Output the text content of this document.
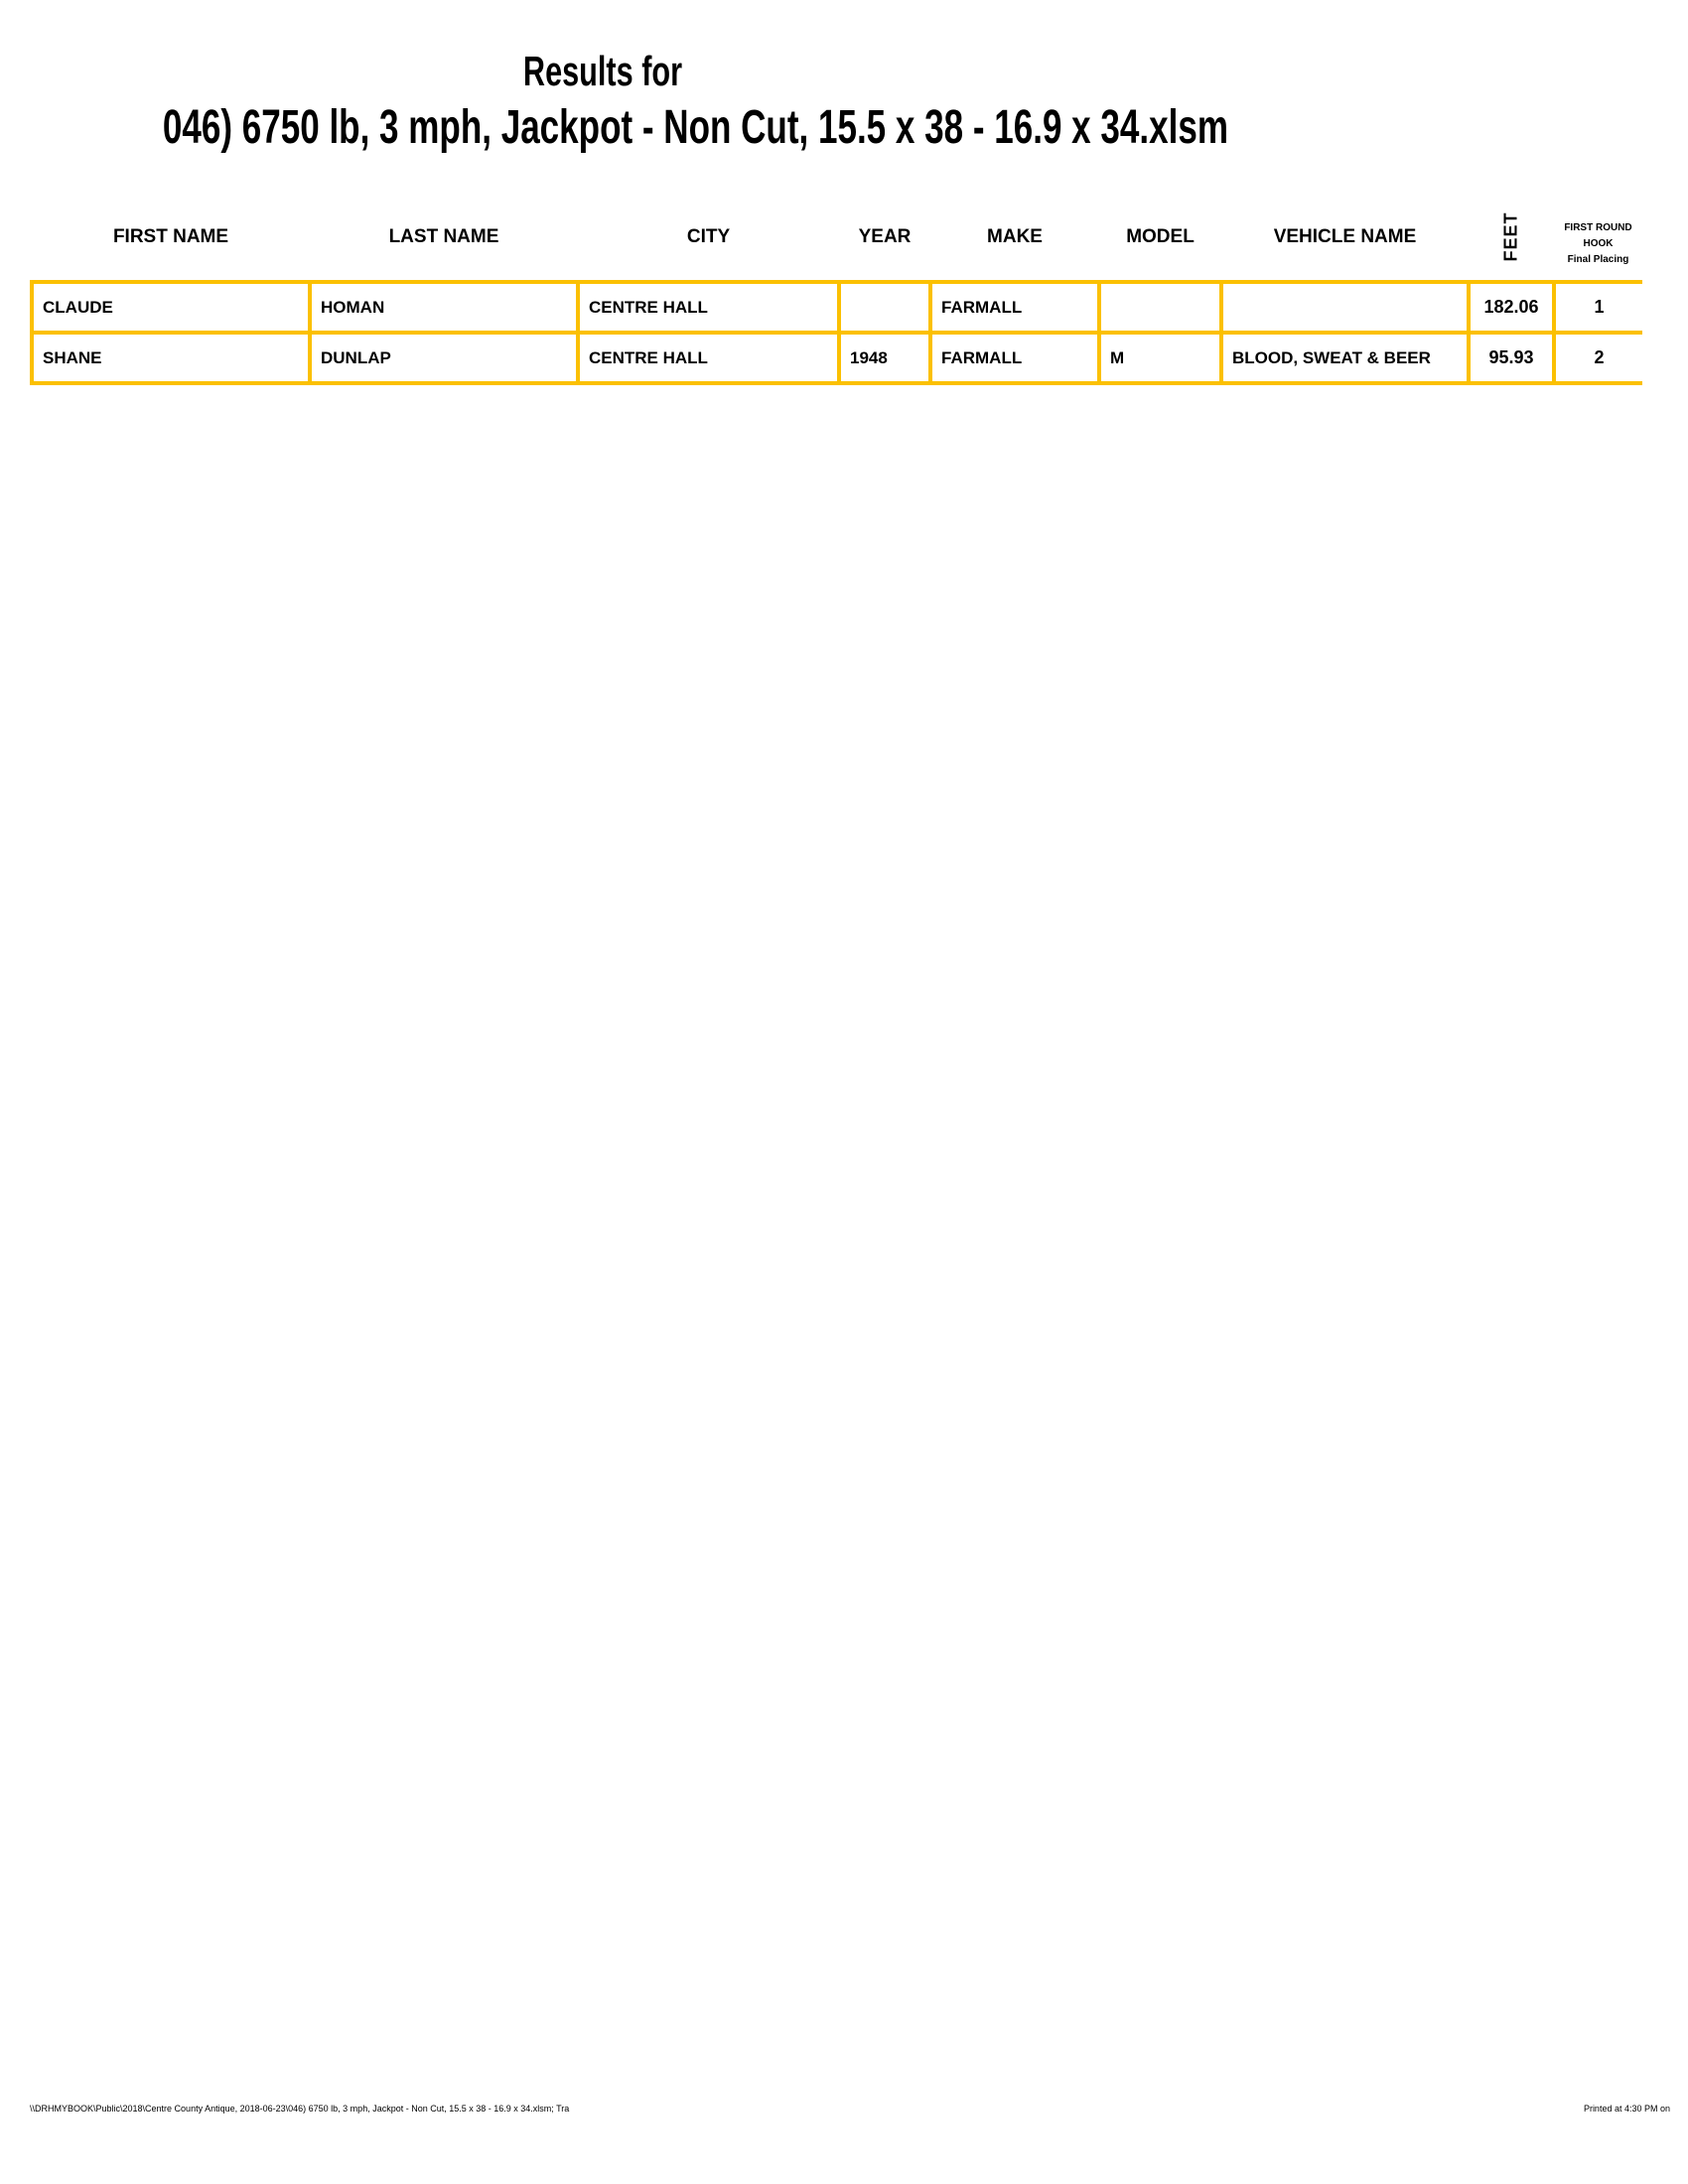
Results for
046) 6750 lb, 3 mph, Jackpot - Non Cut, 15.5 x 38 - 16.9 x 34.xlsm
FIRST NAME	LAST NAME	CITY	YEAR	MAKE	MODEL	VEHICLE NAME	FEET	FIRST ROUND
HOOK
Final Placing

CLAUDE	HOMAN	CENTRE HALL		FARMALL			182.06	1
SHANE	DUNLAP	CENTRE HALL	1948	FARMALL	M	BLOOD, SWEAT & BEER	95.93	2
\\DRHMYBOOK\Public\2018\Centre County Antique, 2018-06-23\046) 6750 lb, 3 mph, Jackpot - Non Cut, 15.5 x 38 - 16.9 x 34.xlsm; Tra	Printed at 4:30 PM on
